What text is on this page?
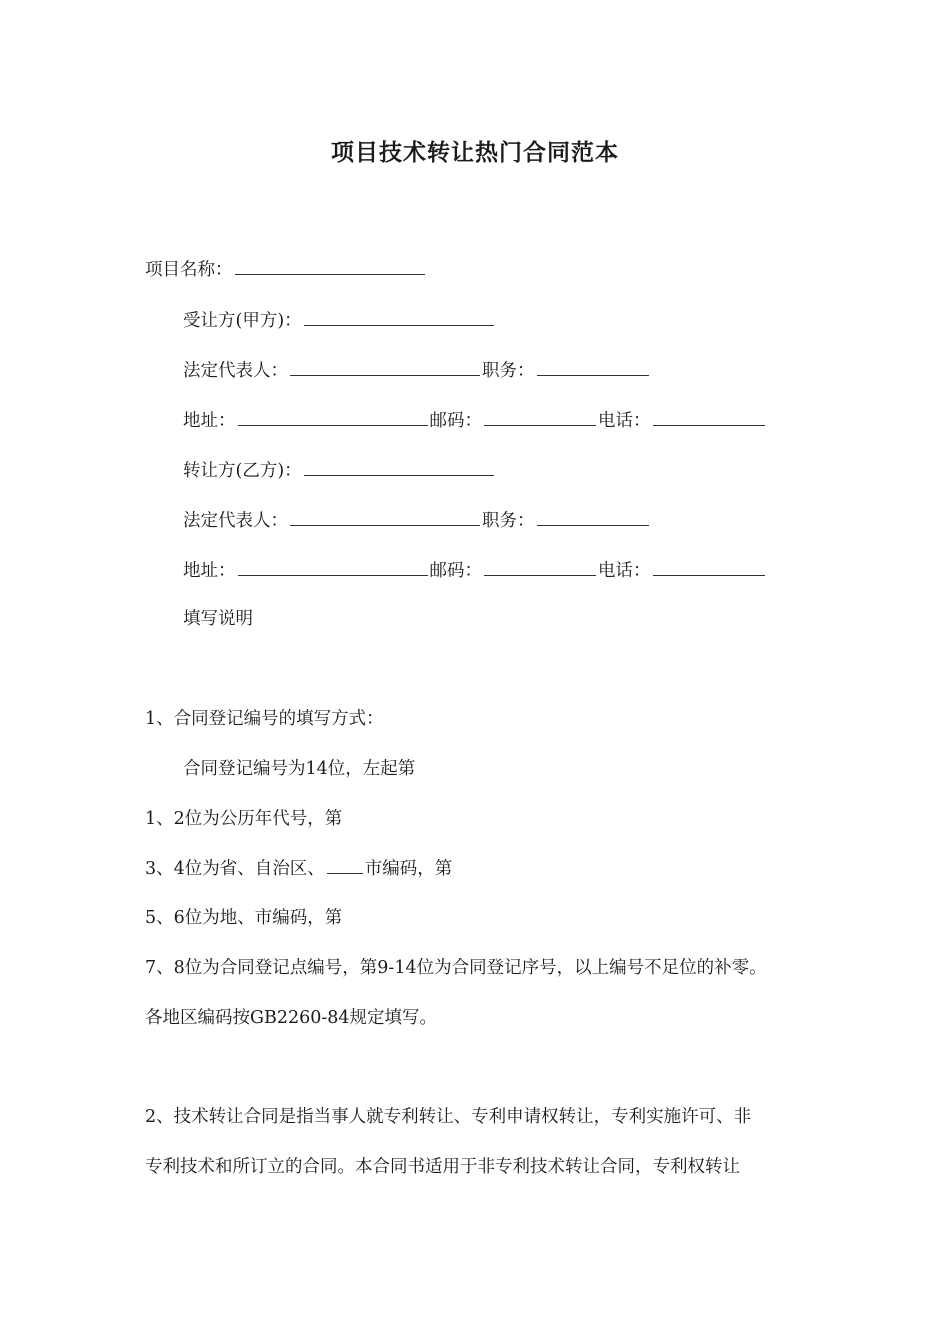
项目技术转让热门合同范本
项目名称：
受让方(甲方)：
法定代表人：	职务：
地址：	邮码：	电话：
转让方(乙方)：
法定代表人：	职务：
地址：	邮码：	电话：
填写说明
1、合同登记编号的填写方式：
合同登记编号为14位，左起第
1、2位为公历年代号，第
3、4位为省、自治区、 市编码，第
5、6位为地、市编码，第
7、8位为合同登记点编号，第9-14位为合同登记序号，以上编号不足位的补零。
各地区编码按GB2260-84规定填写。
2、技术转让合同是指当事人就专利转让、专利申请权转让，专利实施许可、非
专利技术和所订立的合同。本合同书适用于非专利技术转让合同，专利权转让
